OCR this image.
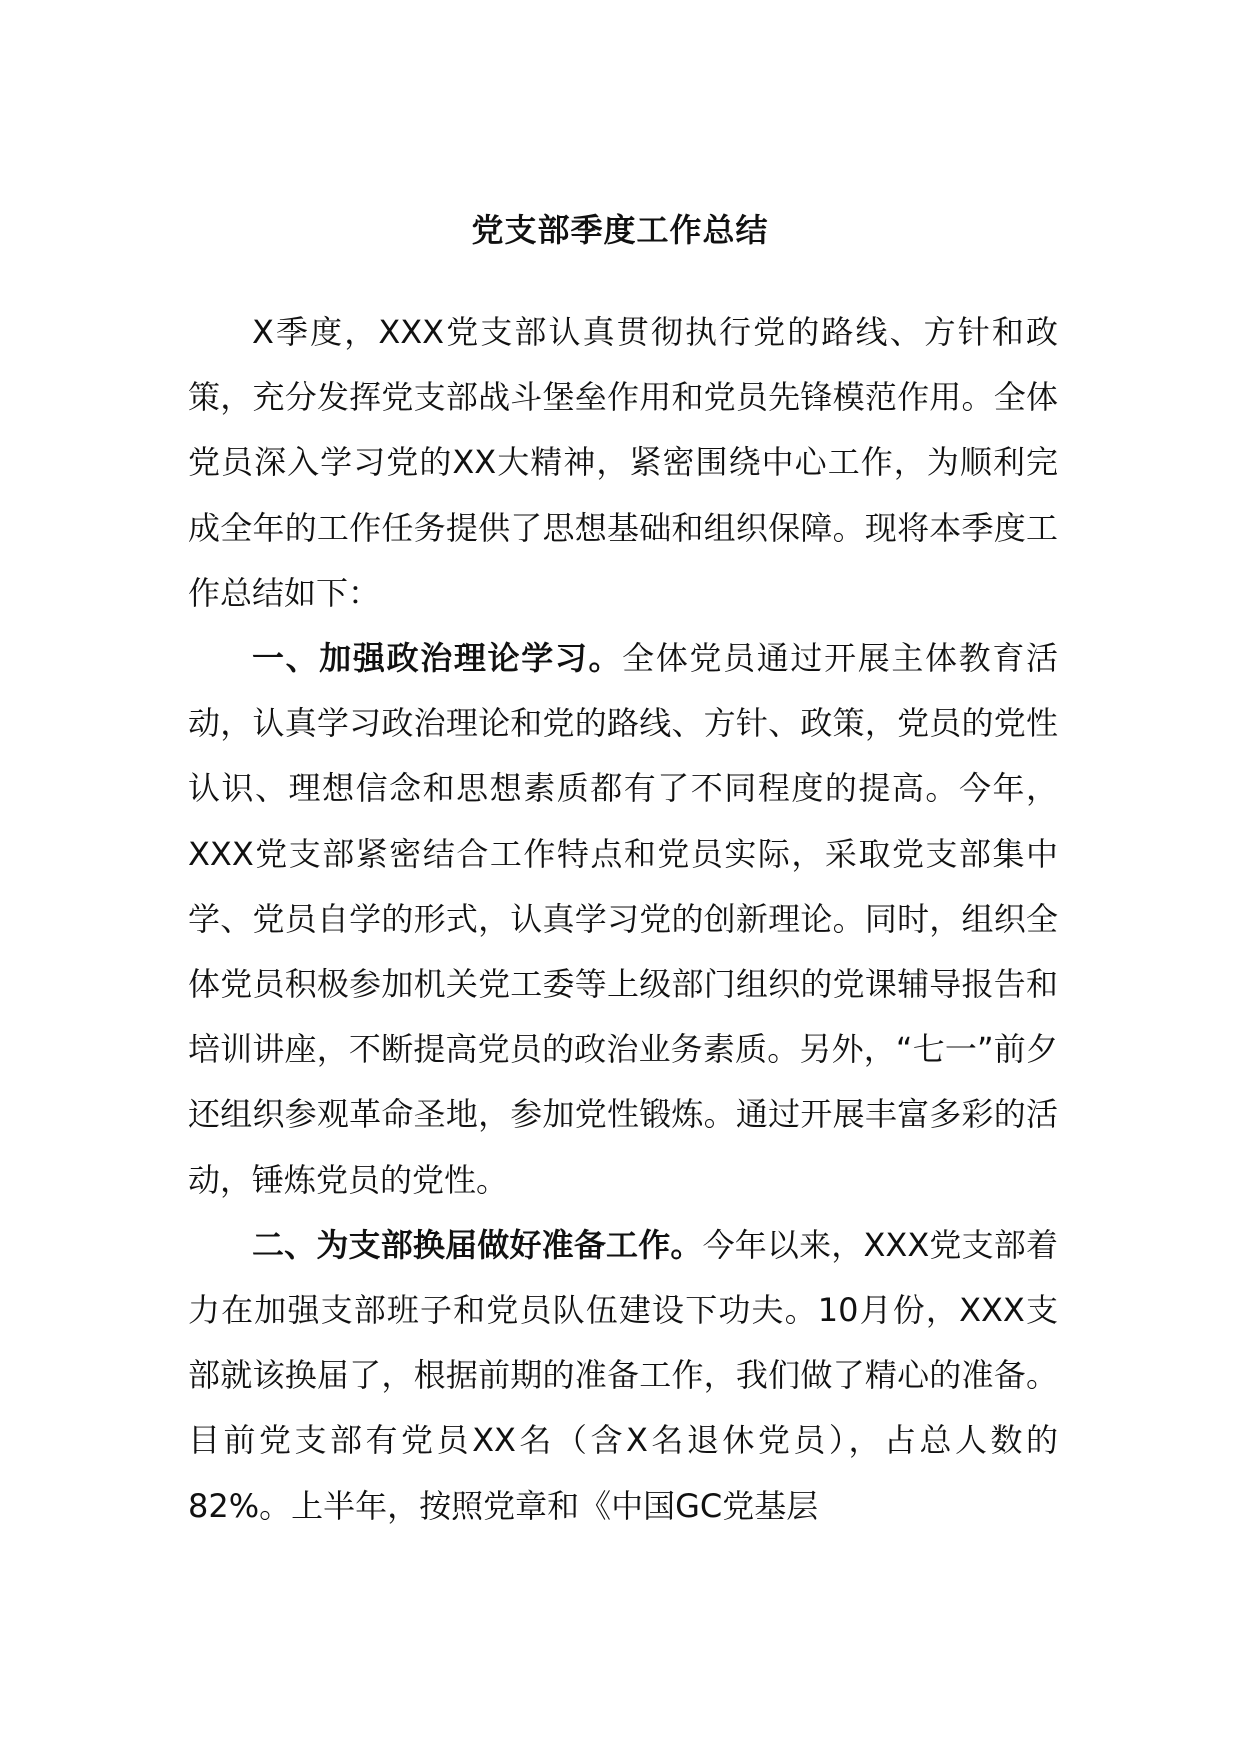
党支部季度工作总结

X季度，XXX党支部认真贯彻执行党的路线、方针和政策，充分发挥党支部战斗堡垒作用和党员先锋模范作用。全体党员深入学习党的XX大精神，紧密围绕中心工作，为顺利完成全年的工作任务提供了思想基础和组织保障。现将本季度工作总结如下：

一、加强政治理论学习。全体党员通过开展主体教育活动，认真学习政治理论和党的路线、方针、政策，党员的党性认识、理想信念和思想素质都有了不同程度的提高。今年，XXX党支部紧密结合工作特点和党员实际，采取党支部集中学、党员自学的形式，认真学习党的创新理论。同时，组织全体党员积极参加机关党工委等上级部门组织的党课辅导报告和培训讲座，不断提高党员的政治业务素质。另外，“七一”前夕还组织参观革命圣地，参加党性锻炼。通过开展丰富多彩的活动，锤炼党员的党性。

二、为支部换届做好准备工作。今年以来，XXX党支部着力在加强支部班子和党员队伍建设下功夫。10月份，XXX支部就该换届了，根据前期的准备工作，我们做了精心的准备。目前党支部有党员XX名（含X名退休党员），占总人数的82%。上半年，按照党章和《中国GC党基层
